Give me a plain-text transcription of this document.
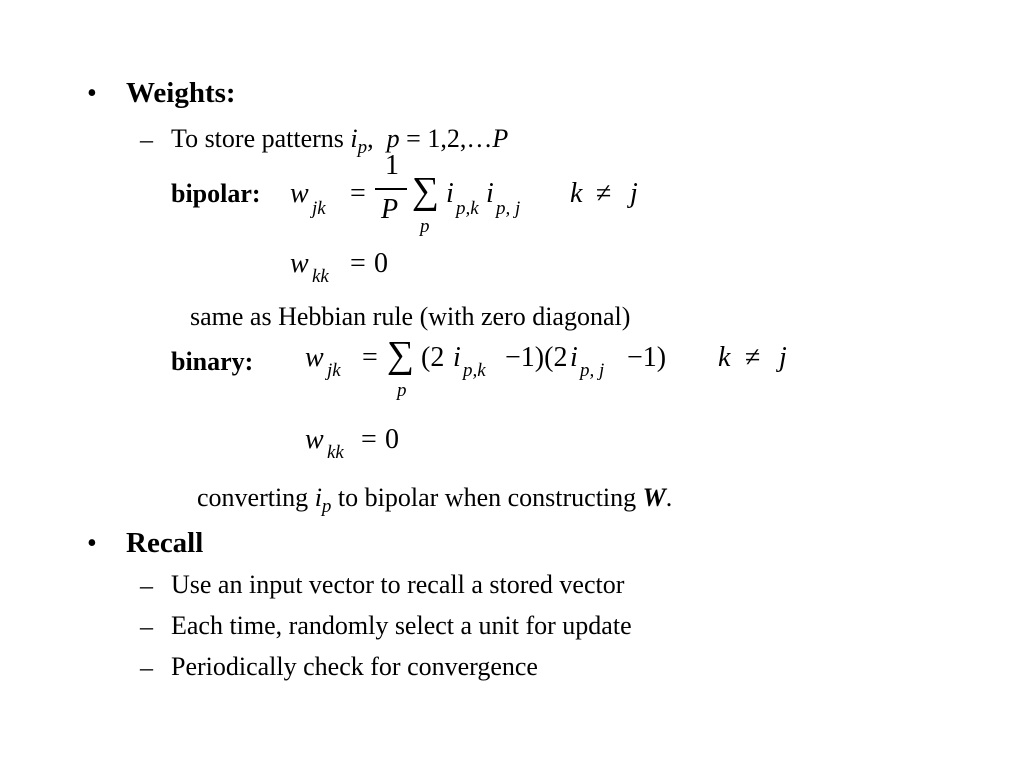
• Weights:
– To store patterns $i_p$, p = 1,2,…P
bipolar: w jk =
1
P ∑
p
i p,k i p, j k ≠ j
w kk = 0
same as Hebbian rule (with zero diagonal)
binary: w jk = ∑
p
(2 i p,k −1)(2 i p, j −1) k ≠ j
w kk = 0
converting $i_p$ to bipolar when constructing W.
• Recall
– Use an input vector to recall a stored vector
– Each time, randomly select a unit for update
– Periodically check for convergence
